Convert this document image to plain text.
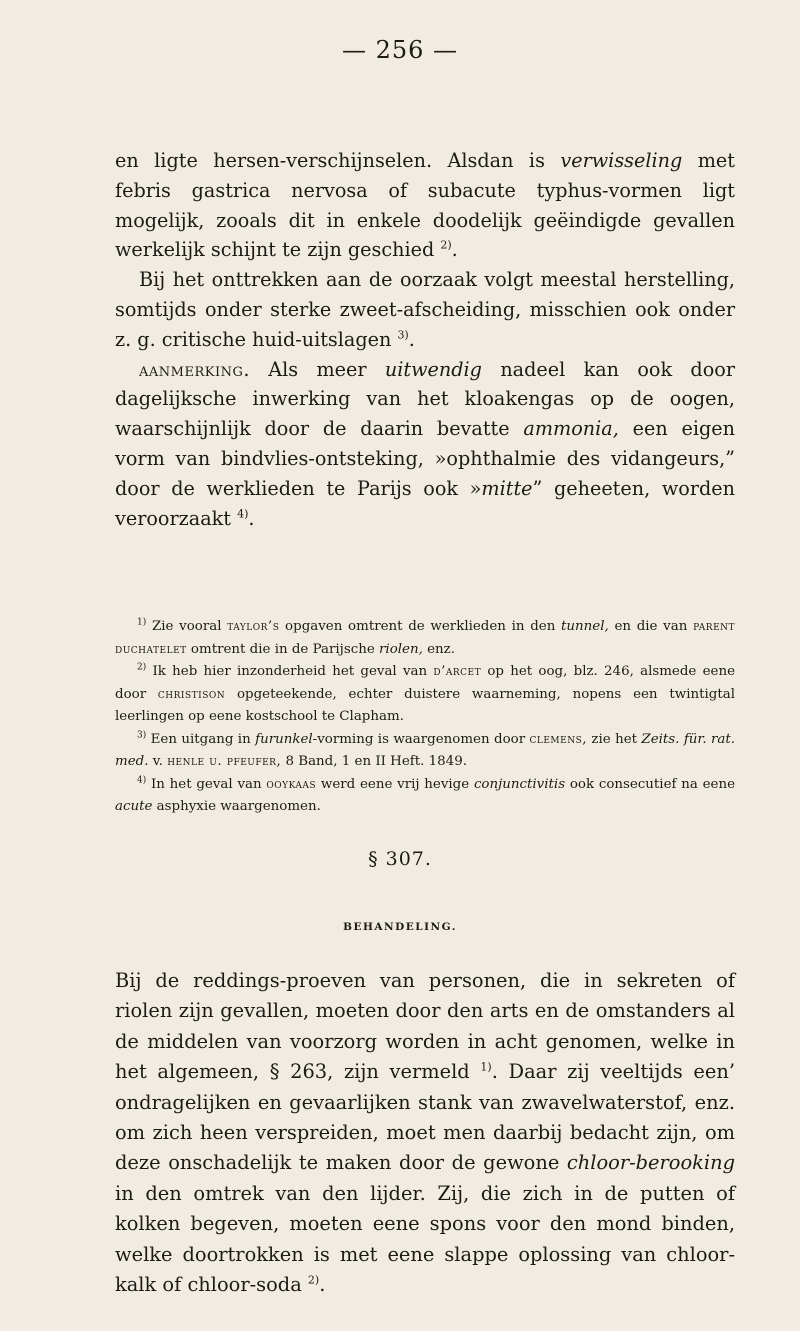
— 256 —

en ligte hersen-verschijnselen. Alsdan is verwisseling met febris gastrica nervosa of subacute typhus-vormen ligt mogelijk, zooals dit in enkele doodelijk geëindigde gevallen werkelijk schijnt te zijn geschied $^{2)}$.

Bij het onttrekken aan de oorzaak volgt meestal herstelling, somtijds onder sterke zweet-afscheiding, misschien ook onder z. g. critische huid-uitslagen $^{3)}$.

aanmerking. Als meer uitwendig nadeel kan ook door dagelijksche inwerking van het kloakengas op de oogen, waarschijnlijk door de daarin bevatte ammonia, een eigen vorm van bindvlies-ontsteking, »ophthalmie des vidangeurs,” door de werklieden te Parijs ook »mitte” geheeten, worden veroorzaakt $^{4)}$.

$^{1)}$ Zie vooral taylor’s opgaven omtrent de werklieden in den tunnel, en die van parent duchatelet omtrent die in de Parijsche riolen, enz.

$^{2)}$ Ik heb hier inzonderheid het geval van d’arcet op het oog, blz. 246, alsmede eene door christison opgeteekende, echter duistere waarneming, nopens een twintigtal leerlingen op eene kostschool te Clapham.

$^{3)}$ Een uitgang in furunkel-vorming is waargenomen door clemens, zie het Zeits. für. rat. med. v. henle u. pfeufer, 8 Band, 1 en II Heft. 1849.

$^{4)}$ In het geval van ooykaas werd eene vrij hevige conjunctivitis ook consecutief na eene acute asphyxie waargenomen.

§ 307.
BEHANDELING.

Bij de reddings-proeven van personen, die in sekreten of riolen zijn gevallen, moeten door den arts en de omstanders al de middelen van voorzorg worden in acht genomen, welke in het algemeen, § 263, zijn vermeld $^{1)}$. Daar zij veeltijds een’ ondragelijken en gevaarlijken stank van zwavelwaterstof, enz. om zich heen verspreiden, moet men daarbij bedacht zijn, om deze onschadelijk te maken door de gewone chloor-berooking in den omtrek van den lijder. Zij, die zich in de putten of kolken begeven, moeten eene spons voor den mond binden, welke doortrokken is met eene slappe oplossing van chloor-kalk of chloor-soda $^{2)}$.
